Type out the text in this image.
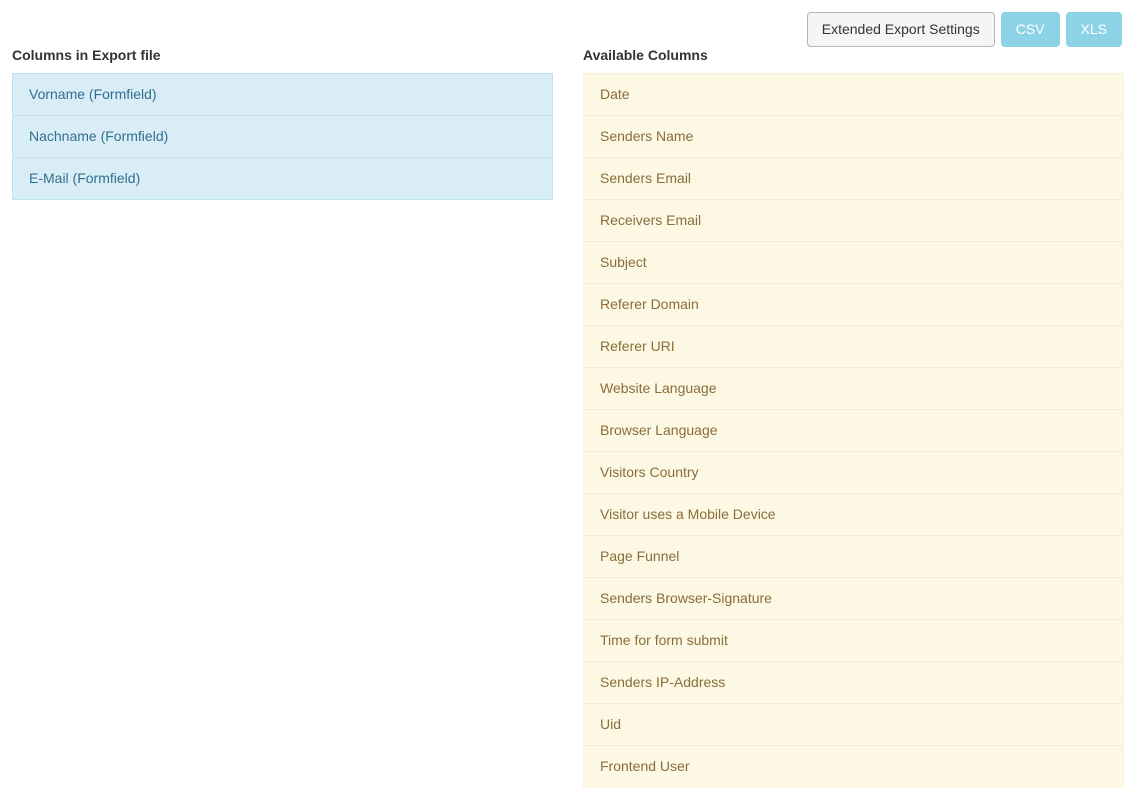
Extended Export Settings	CSV	XLS
Columns in Export file
Vorname (Formfield)
Nachname (Formfield)
E-Mail (Formfield)
Available Columns
Date
Senders Name
Senders Email
Receivers Email
Subject
Referer Domain
Referer URI
Website Language
Browser Language
Visitors Country
Visitor uses a Mobile Device
Page Funnel
Senders Browser-Signature
Time for form submit
Senders IP-Address
Uid
Frontend User
